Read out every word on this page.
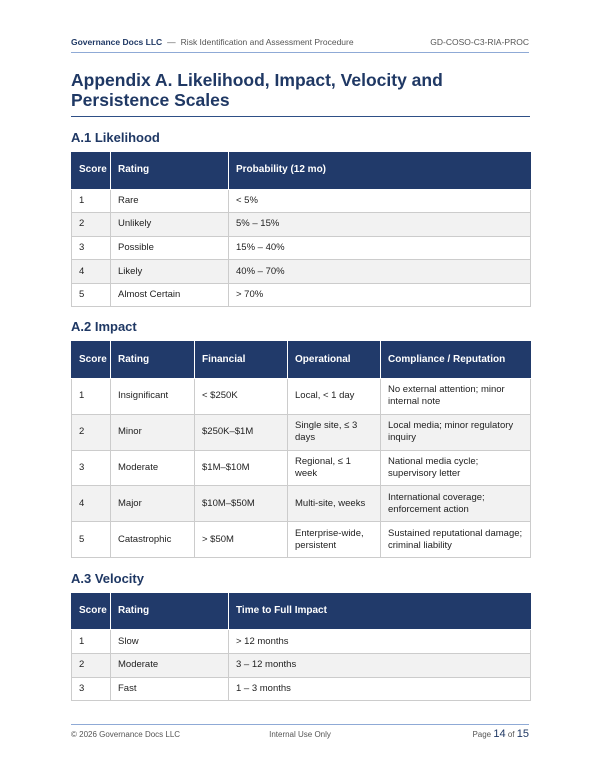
Governance Docs LLC — Risk Identification and Assessment Procedure	GD-COSO-C3-RIA-PROC
Appendix A. Likelihood, Impact, Velocity and Persistence Scales
A.1 Likelihood
Score	Rating	Probability (12 mo)
1	Rare	< 5%
2	Unlikely	5% – 15%
3	Possible	15% – 40%
4	Likely	40% – 70%
5	Almost Certain	> 70%
A.2 Impact
Score	Rating	Financial	Operational	Compliance / Reputation
1	Insignificant	< $250K	Local, < 1 day	No external attention; minor internal note
2	Minor	$250K–$1M	Single site, ≤ 3 days	Local media; minor regulatory inquiry
3	Moderate	$1M–$10M	Regional, ≤ 1 week	National media cycle; supervisory letter
4	Major	$10M–$50M	Multi-site, weeks	International coverage; enforcement action
5	Catastrophic	> $50M	Enterprise-wide, persistent	Sustained reputational damage; criminal liability
A.3 Velocity
Score	Rating	Time to Full Impact
1	Slow	> 12 months
2	Moderate	3 – 12 months
3	Fast	1 – 3 months
© 2026 Governance Docs LLC	Internal Use Only	Page 14 of 15
